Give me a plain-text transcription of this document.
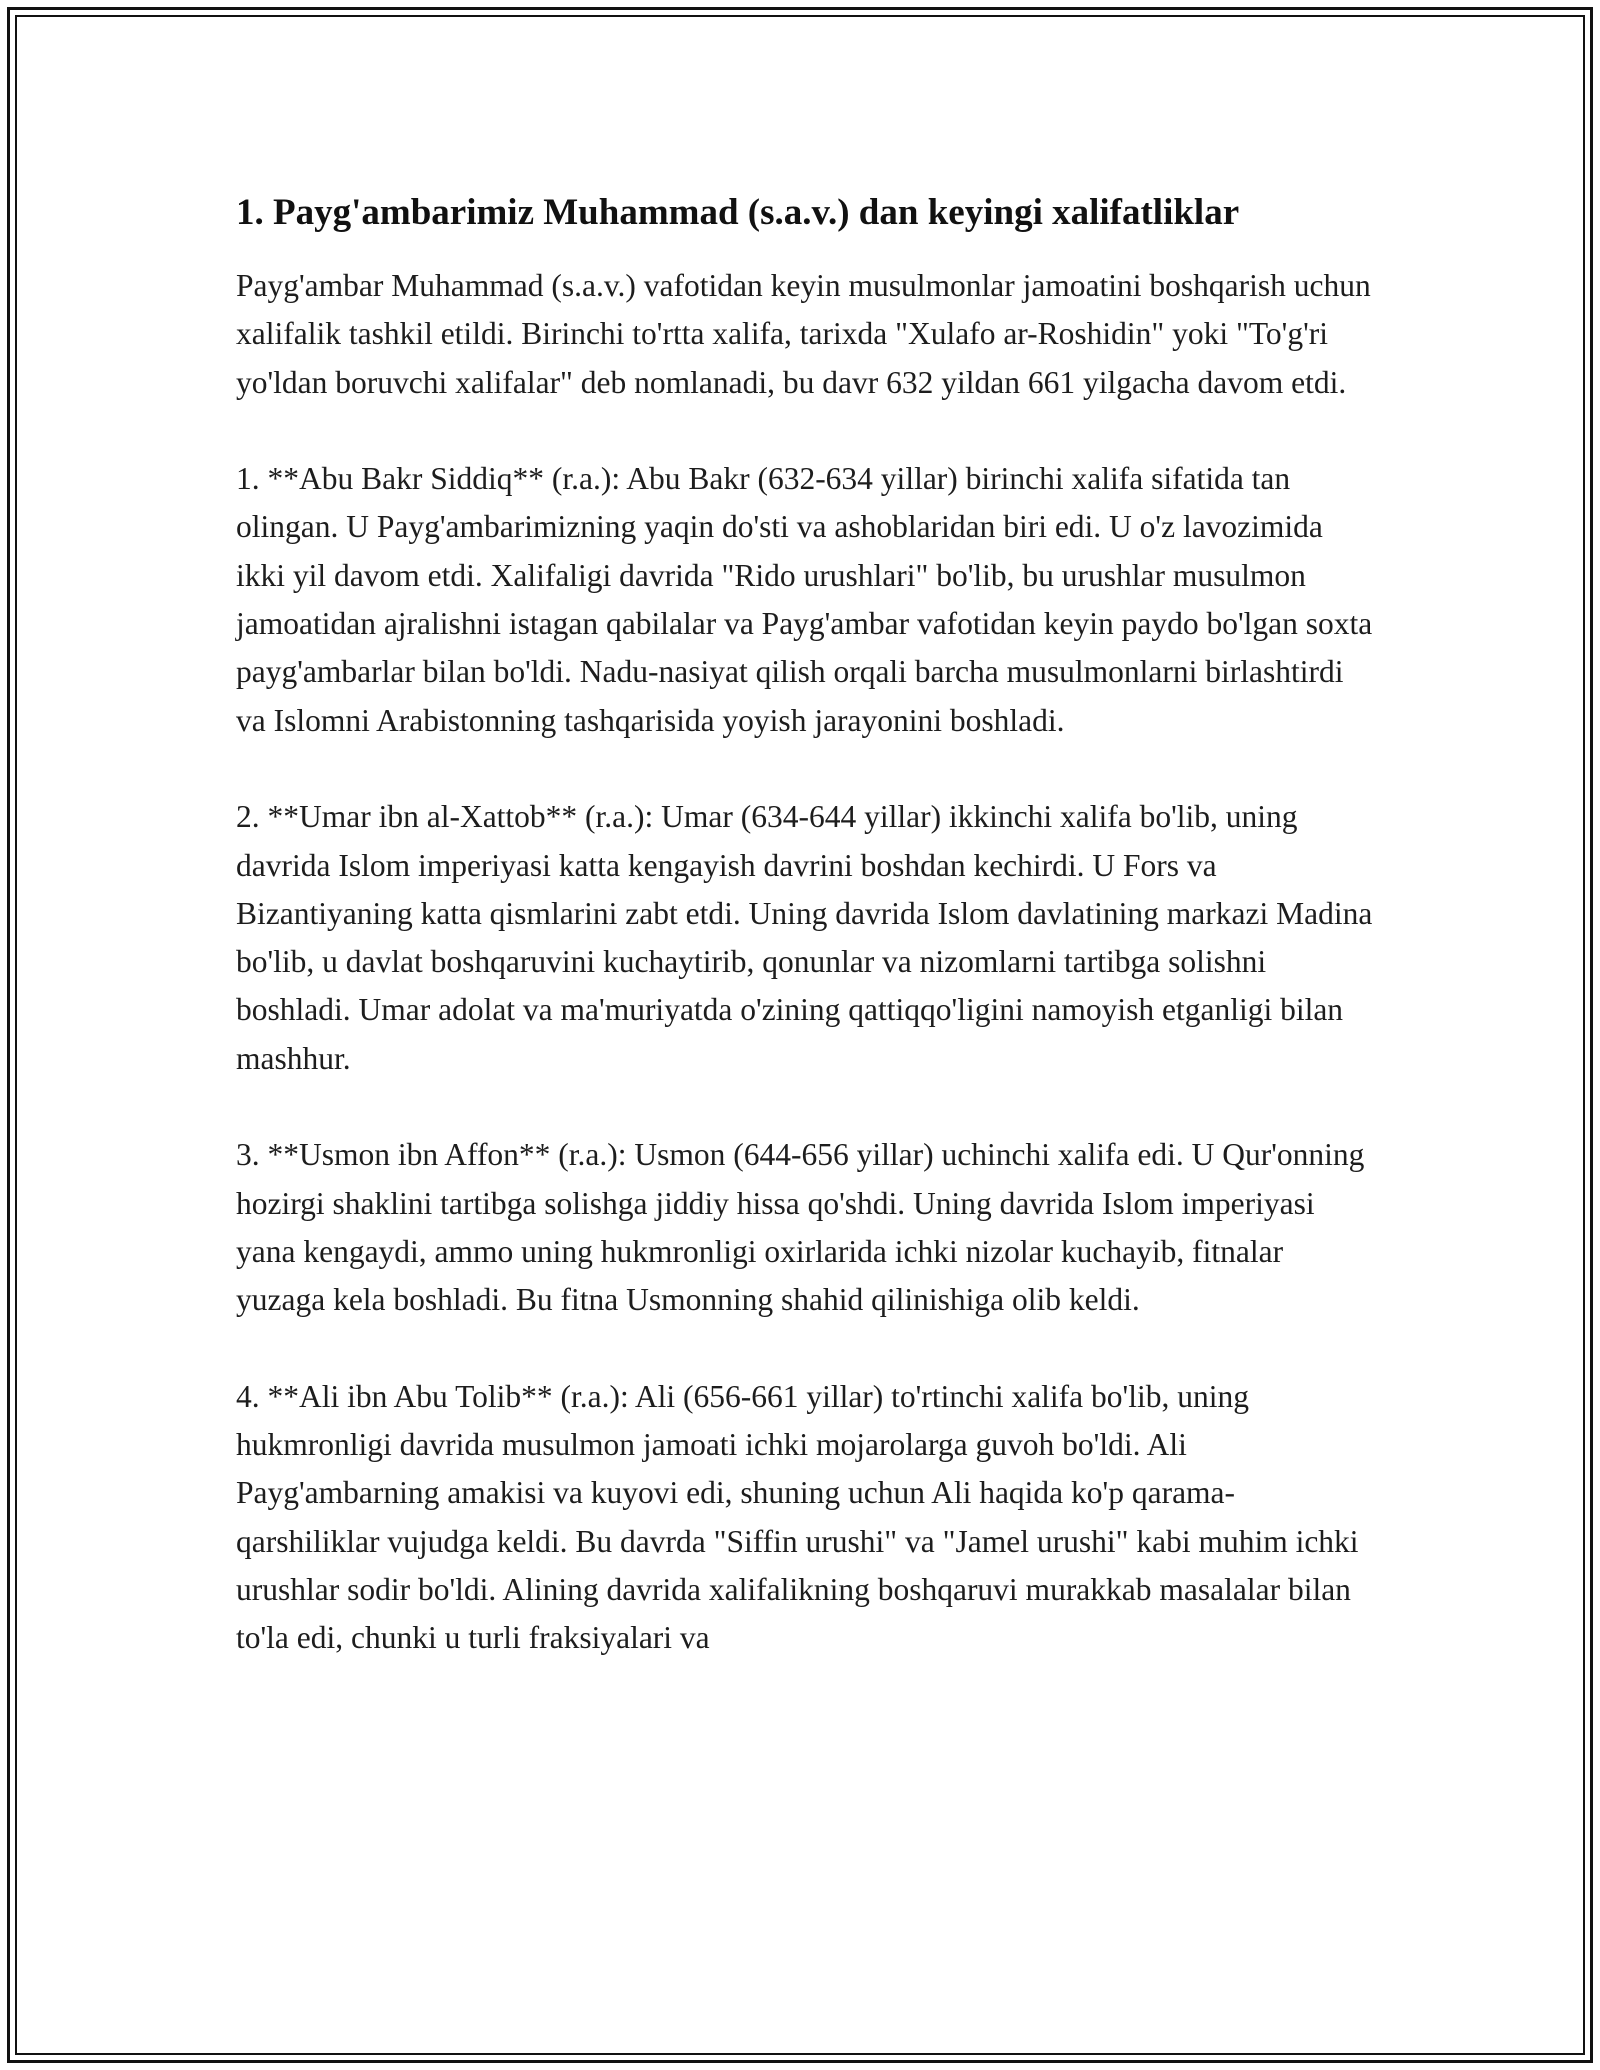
1. Payg'ambarimiz Muhammad (s.a.v.) dan keyingi xalifatliklar

Payg'ambar Muhammad (s.a.v.) vafotidan keyin musulmonlar jamoatini boshqarish uchun xalifalik tashkil etildi. Birinchi to'rtta xalifa, tarixda "Xulafo ar-Roshidin" yoki "To'g'ri yo'ldan boruvchi xalifalar" deb nomlanadi, bu davr 632 yildan 661 yilgacha davom etdi.

1. **Abu Bakr Siddiq** (r.a.): Abu Bakr (632-634 yillar) birinchi xalifa sifatida tan olingan. U Payg'ambarimizning yaqin do'sti va ashoblaridan biri edi. U o'z lavozimida ikki yil davom etdi. Xalifaligi davrida "Rido urushlari" bo'lib, bu urushlar musulmon jamoatidan ajralishni istagan qabilalar va Payg'ambar vafotidan keyin paydo bo'lgan soxta payg'ambarlar bilan bo'ldi. Nadu-nasiyat qilish orqali barcha musulmonlarni birlashtirdi va Islomni Arabistonning tashqarisida yoyish jarayonini boshladi.

2. **Umar ibn al-Xattob** (r.a.): Umar (634-644 yillar) ikkinchi xalifa bo'lib, uning davrida Islom imperiyasi katta kengayish davrini boshdan kechirdi. U Fors va Bizantiyaning katta qismlarini zabt etdi. Uning davrida Islom davlatining markazi Madina bo'lib, u davlat boshqaruvini kuchaytirib, qonunlar va nizomlarni tartibga solishni boshladi. Umar adolat va ma'muriyatda o'zining qattiqqo'ligini namoyish etganligi bilan mashhur.

3. **Usmon ibn Affon** (r.a.): Usmon (644-656 yillar) uchinchi xalifa edi. U Qur'onning hozirgi shaklini tartibga solishga jiddiy hissa qo'shdi. Uning davrida Islom imperiyasi yana kengaydi, ammo uning hukmronligi oxirlarida ichki nizolar kuchayib, fitnalar yuzaga kela boshladi. Bu fitna Usmonning shahid qilinishiga olib keldi.

4. **Ali ibn Abu Tolib** (r.a.): Ali (656-661 yillar) to'rtinchi xalifa bo'lib, uning hukmronligi davrida musulmon jamoati ichki mojarolarga guvoh bo'ldi. Ali Payg'ambarning amakisi va kuyovi edi, shuning uchun Ali haqida ko'p qarama-qarshiliklar vujudga keldi. Bu davrda "Siffin urushi" va "Jamel urushi" kabi muhim ichki urushlar sodir bo'ldi. Alining davrida xalifalikning boshqaruvi murakkab masalalar bilan to'la edi, chunki u turli fraksiyalari va
